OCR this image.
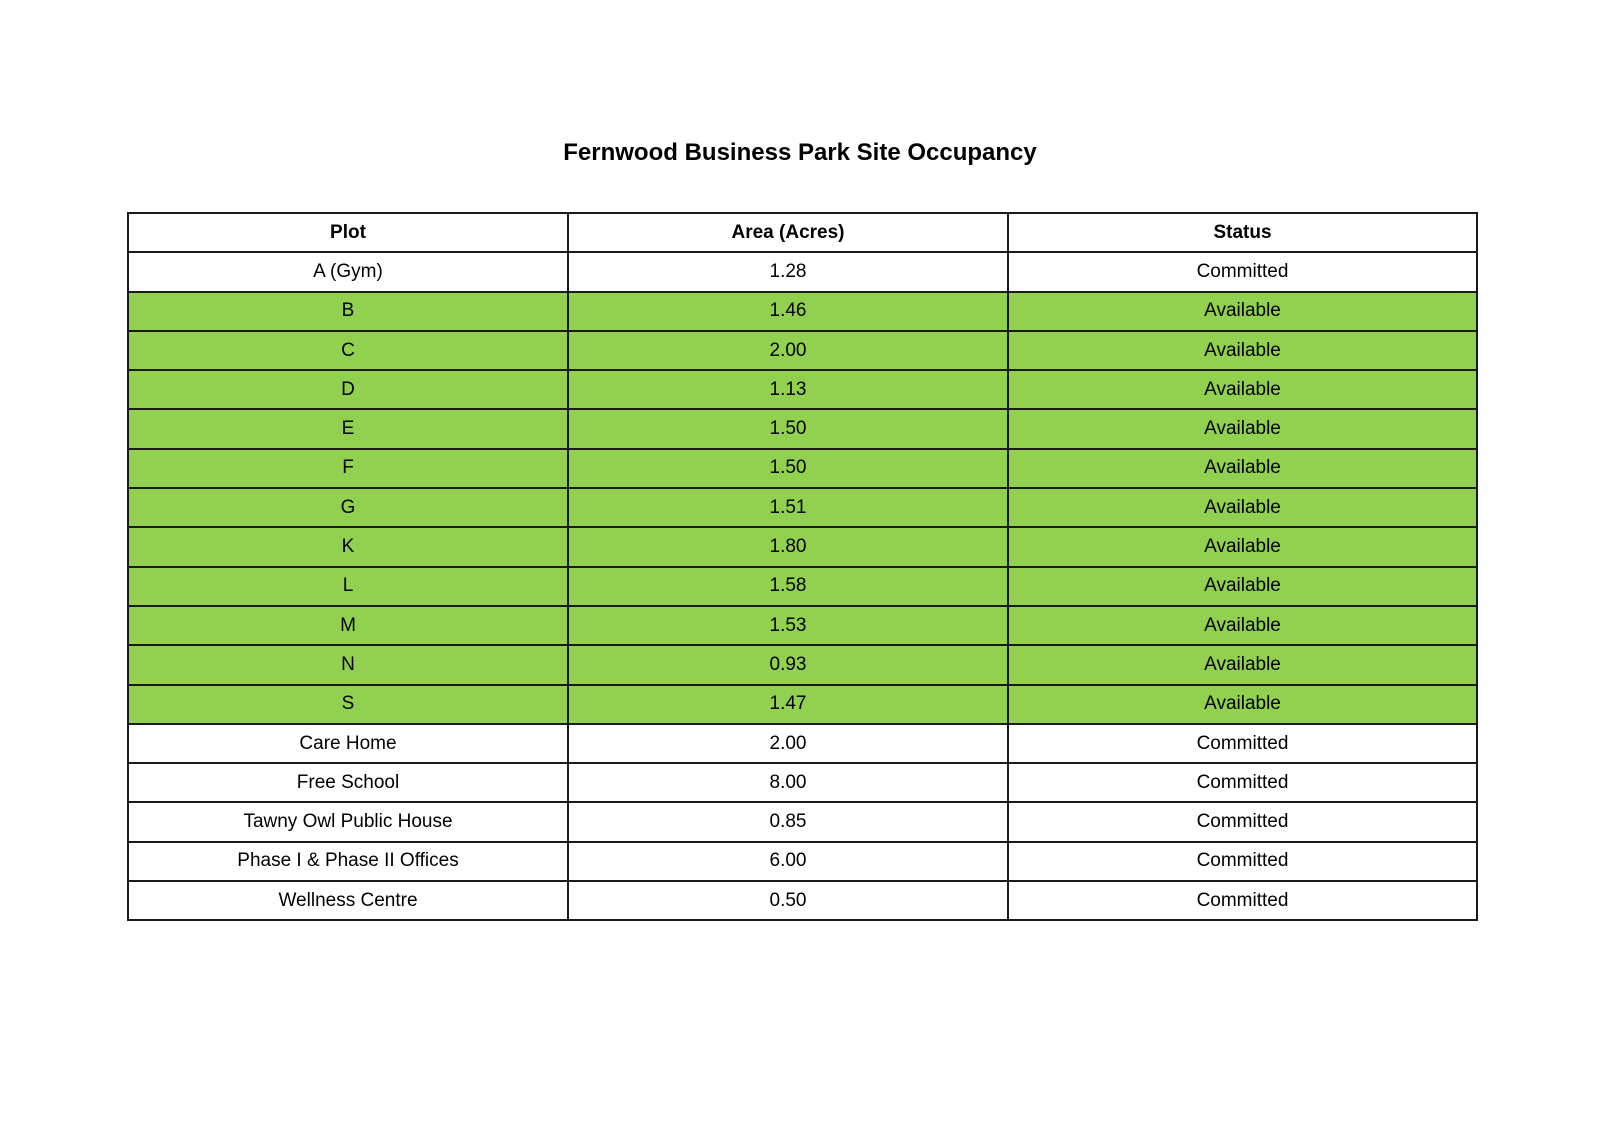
Fernwood Business Park Site Occupancy
Plot	Area (Acres)	Status
A (Gym)	1.28	Committed
B	1.46	Available
C	2.00	Available
D	1.13	Available
E	1.50	Available
F	1.50	Available
G	1.51	Available
K	1.80	Available
L	1.58	Available
M	1.53	Available
N	0.93	Available
S	1.47	Available
Care Home	2.00	Committed
Free School	8.00	Committed
Tawny Owl Public House	0.85	Committed
Phase I & Phase II Offices	6.00	Committed
Wellness Centre	0.50	Committed
